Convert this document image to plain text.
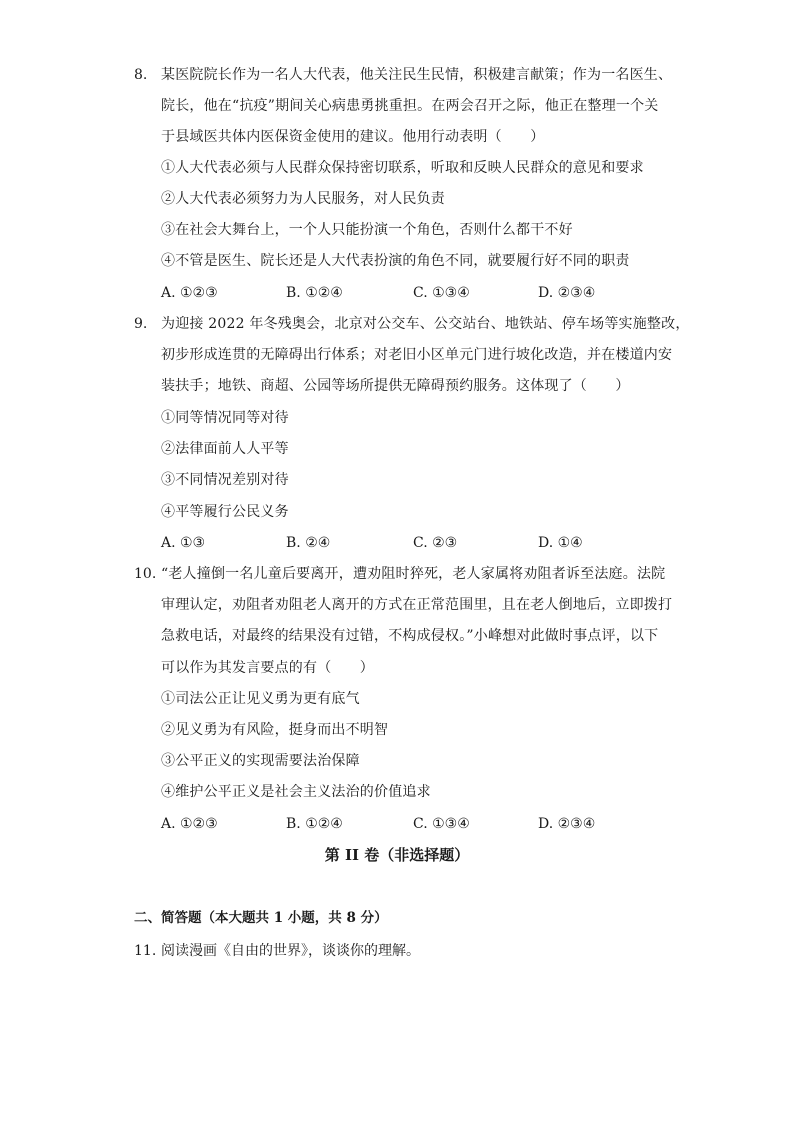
8. 某医院院长作为一名人大代表，他关注民生民情，积极建言献策；作为一名医生、
院长，他在“抗疫”期间关心病患勇挑重担。在两会召开之际，他正在整理一个关
于县域医共体内医保资金使用的建议。他用行动表明（　　）
①人大代表必须与人民群众保持密切联系，听取和反映人民群众的意见和要求
②人大代表必须努力为人民服务，对人民负责
③在社会大舞台上，一个人只能扮演一个角色，否则什么都干不好
④不管是医生、院长还是人大代表扮演的角色不同，就要履行好不同的职责
A. ①②③	B. ①②④	C. ①③④	D. ②③④
9. 为迎接 2022 年冬残奥会，北京对公交车、公交站台、地铁站、停车场等实施整改，
初步形成连贯的无障碍出行体系；对老旧小区单元门进行坡化改造，并在楼道内安
装扶手；地铁、商超、公园等场所提供无障碍预约服务。这体现了（　　）
①同等情况同等对待
②法律面前人人平等
③不同情况差别对待
④平等履行公民义务
A. ①③	B. ②④	C. ②③	D. ①④
10. “老人撞倒一名儿童后要离开，遭劝阻时猝死，老人家属将劝阻者诉至法庭。法院
审理认定，劝阻者劝阻老人离开的方式在正常范围里，且在老人倒地后，立即拨打
急救电话，对最终的结果没有过错，不构成侵权。”小峰想对此做时事点评，以下
可以作为其发言要点的有（　　）
①司法公正让见义勇为更有底气
②见义勇为有风险，挺身而出不明智
③公平正义的实现需要法治保障
④维护公平正义是社会主义法治的价值追求
A. ①②③	B. ①②④	C. ①③④	D. ②③④
第 II 卷（非选择题）
二、简答题（本大题共 1 小题，共 8 分）
11. 阅读漫画《自由的世界》，谈谈你的理解。
